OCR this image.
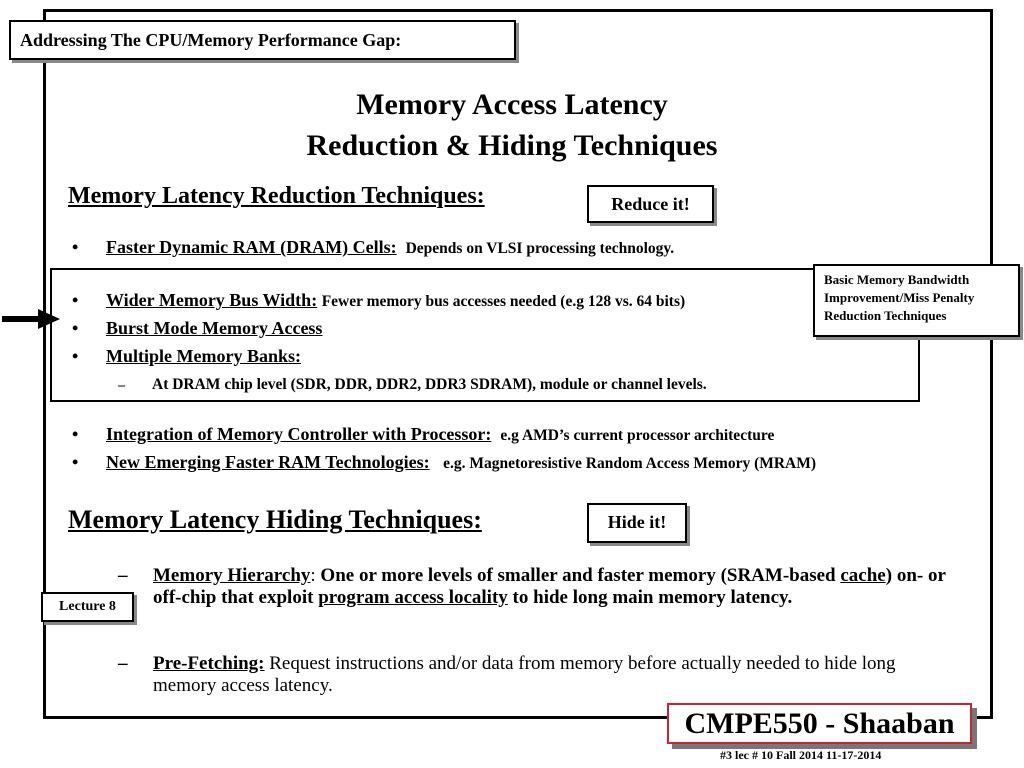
Addressing The CPU/Memory Performance Gap:
Memory Access Latency
Reduction & Hiding Techniques
Memory Latency Reduction Techniques:	Reduce it!
• Faster Dynamic RAM (DRAM) Cells: Depends on VLSI processing technology.
• Wider Memory Bus Width: Fewer memory bus accesses needed (e.g 128 vs. 64 bits)
• Burst Mode Memory Access
• Multiple Memory Banks:
– At DRAM chip level (SDR, DDR, DDR2, DDR3 SDRAM), module or channel levels.
Basic Memory Bandwidth
Improvement/Miss Penalty
Reduction Techniques
• Integration of Memory Controller with Processor: e.g AMD’s current processor architecture
• New Emerging Faster RAM Technologies: e.g. Magnetoresistive Random Access Memory (MRAM)
Memory Latency Hiding Techniques:	Hide it!
– Memory Hierarchy: One or more levels of smaller and faster memory (SRAM-based cache) on- or off-chip that exploit program access locality to hide long main memory latency.
– Pre-Fetching: Request instructions and/or data from memory before actually needed to hide long memory access latency.
Lecture 8
CMPE550 - Shaaban
#3 lec # 10 Fall 2014 11-17-2014
